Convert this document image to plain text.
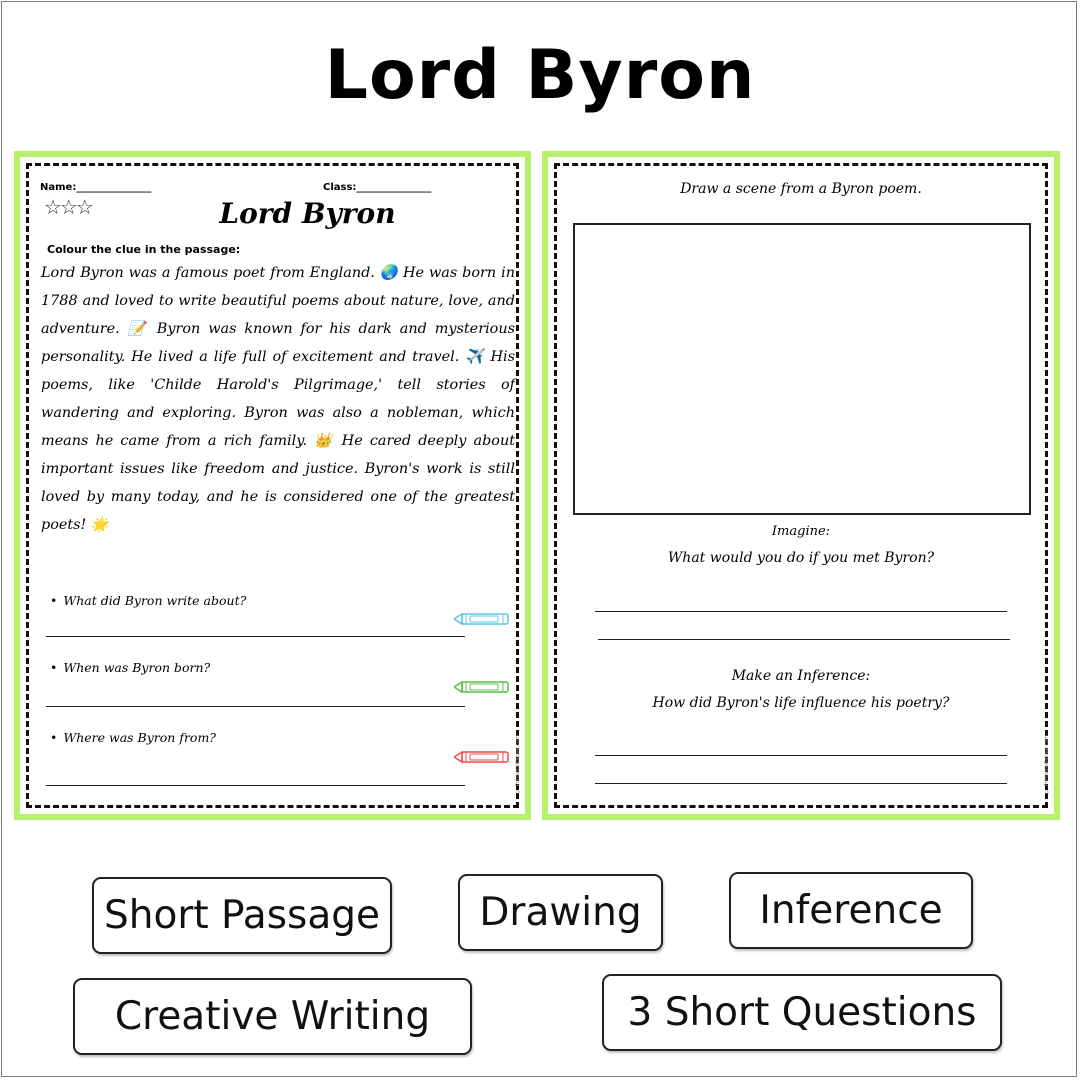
Lord Byron
Name:_______________	Class:_______________
☆☆☆	Lord Byron
Colour the clue in the passage:
Lord Byron was a famous poet from England. 🌏 He was born in 1788 and loved to write beautiful poems about nature, love, and adventure. 📝 Byron was known for his dark and mysterious personality. He lived a life full of excitement and travel. ✈️ His poems, like 'Childe Harold's Pilgrimage,' tell stories of wandering and exploring. Byron was also a nobleman, which means he came from a rich family. 👑 He cared deeply about important issues like freedom and justice. Byron's work is still loved by many today, and he is considered one of the greatest poets! 🌟
• What did Byron write about?
• When was Byron born?
• Where was Byron from?	© PrintableBazaar.com
Draw a scene from a Byron poem.
Imagine:
What would you do if you met Byron?
Make an Inference:
How did Byron's life influence his poetry?
© PrintableBazaar.com
Short Passage	Drawing	Inference
Creative Writing	3 Short Questions
